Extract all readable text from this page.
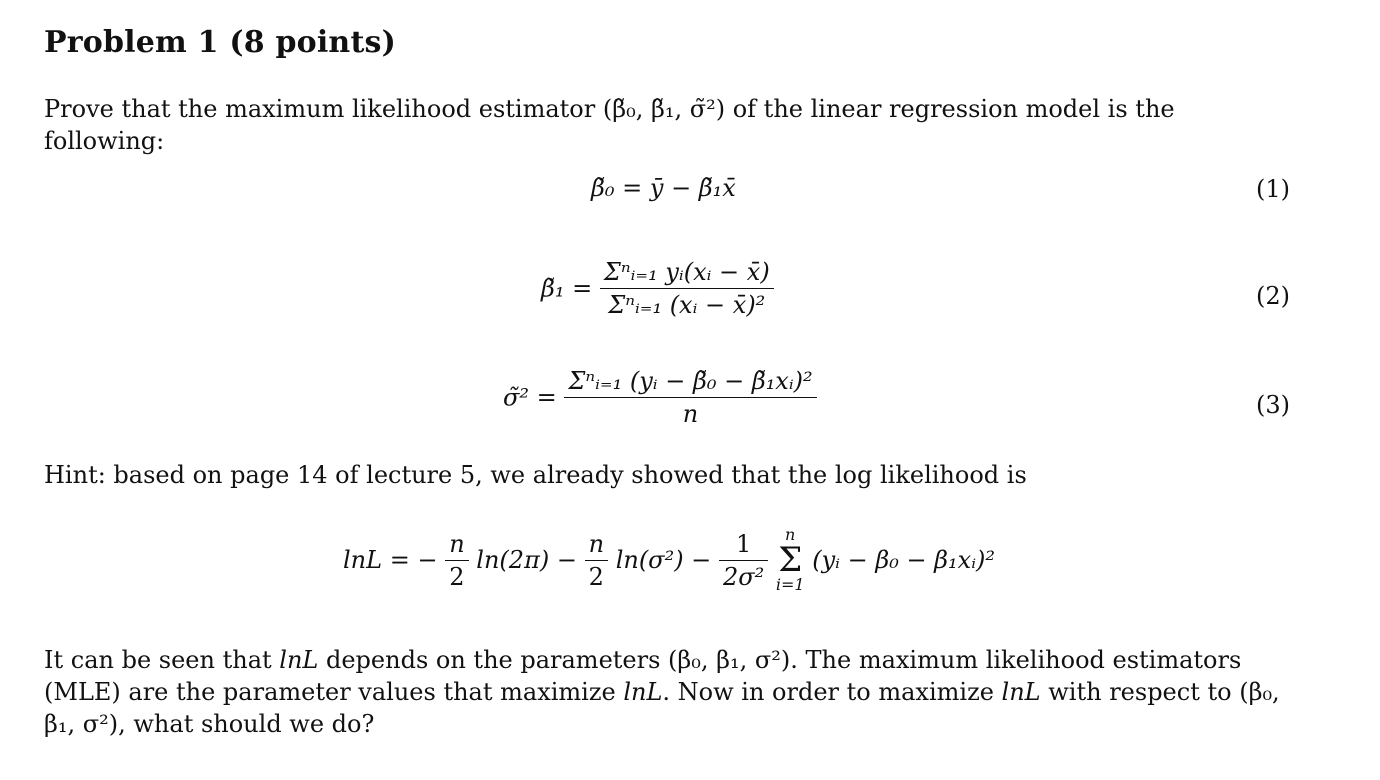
Problem 1 (8 points)
Prove that the maximum likelihood estimator (β̃₀, β̃₁, σ̃²) of the linear regression model is the following:
β̃₀ = ȳ − β̃₁x̄	(1)
β̃₁ = $\frac{\text{Σⁿᵢ₌₁ yᵢ(xᵢ − x̄)}}{\text{Σⁿᵢ₌₁ (xᵢ − x̄)²}}$	(2)
σ̃² = $\frac{\text{Σⁿᵢ₌₁ (yᵢ − β̃₀ − β̃₁xᵢ)²}}{n}$	(3)
Hint: based on page 14 of lecture 5, we already showed that the log likelihood is
lnL = − $\frac{n}{2} \ln(2\pi) - \frac{n}{2} \ln(\sigma^2) - \frac{1}{\text{2σ²}}$
	n
Σ
i=1
(yᵢ − β₀ − β₁xᵢ)²
It can be seen that lnL depends on the parameters (β₀, β₁, σ²). The maximum likelihood estimators (MLE) are the parameter values that maximize lnL. Now in order to maximize lnL with respect to (β₀, β₁, σ²), what should we do?
